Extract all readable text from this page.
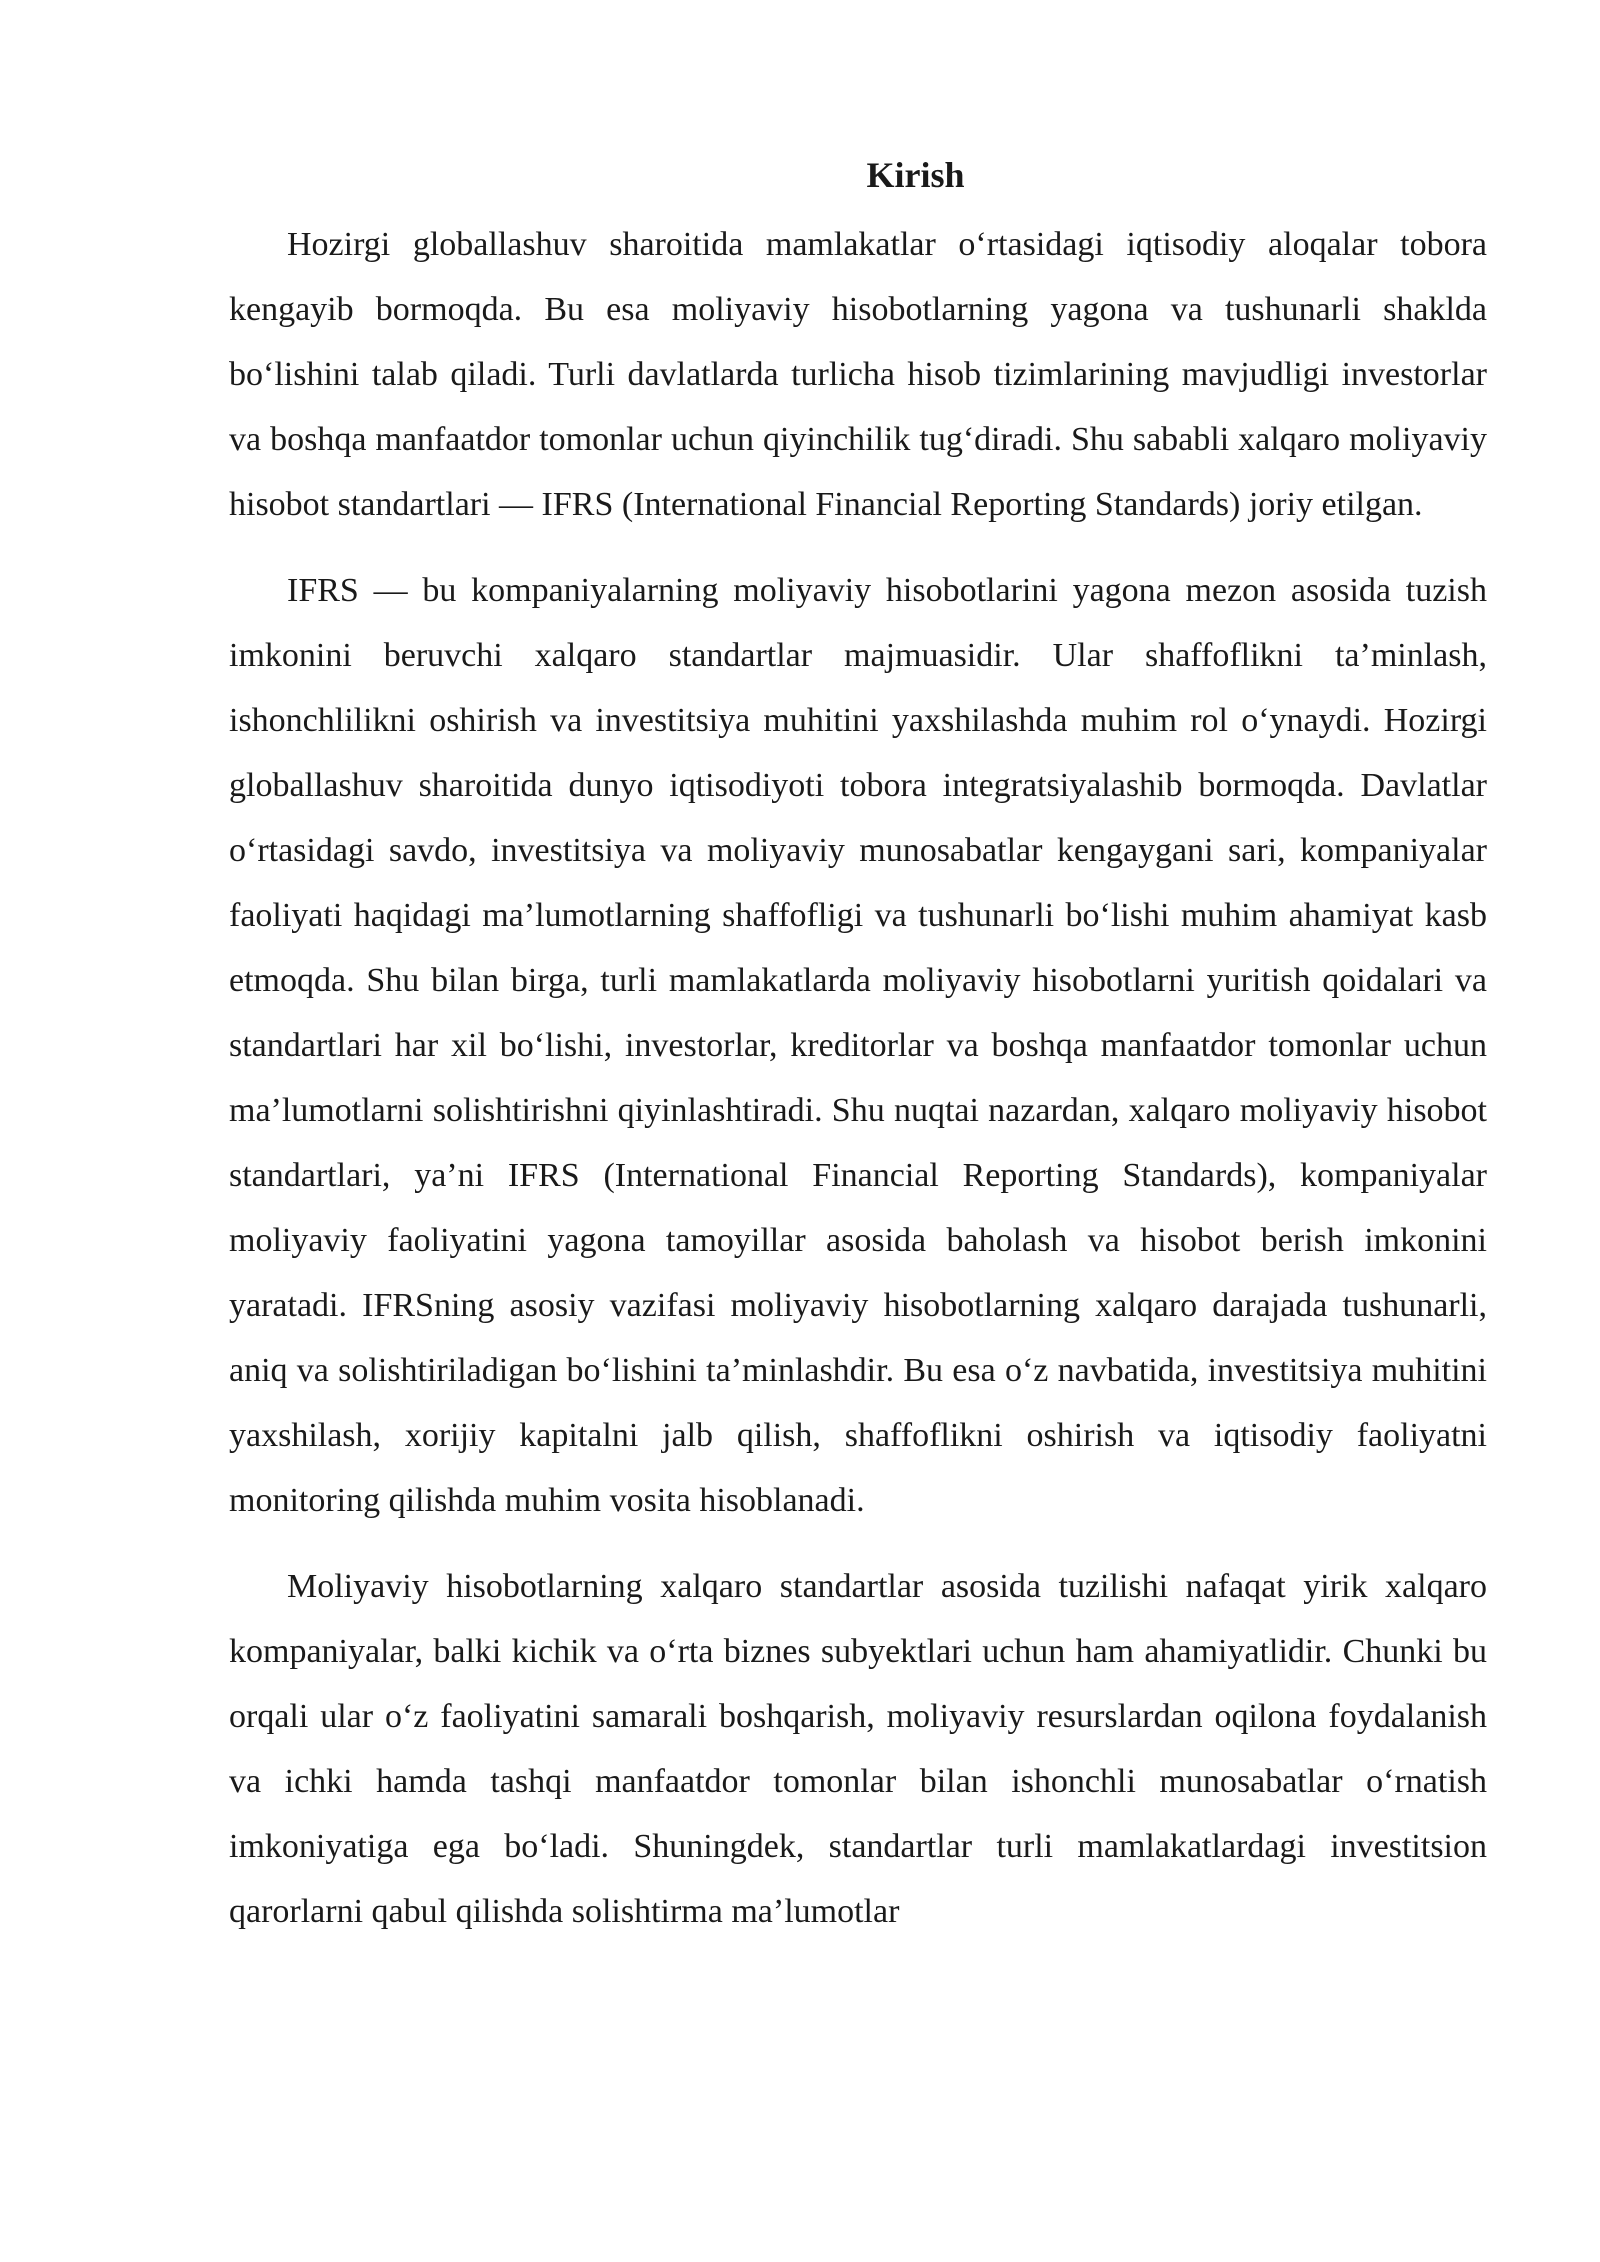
Kirish

Hozirgi globallashuv sharoitida mamlakatlar o‘rtasidagi iqtisodiy aloqalar tobora kengayib bormoqda. Bu esa moliyaviy hisobotlarning yagona va tushunarli shaklda bo‘lishini talab qiladi. Turli davlatlarda turlicha hisob tizimlarining mavjudligi investorlar va boshqa manfaatdor tomonlar uchun qiyinchilik tug‘diradi. Shu sababli xalqaro moliyaviy hisobot standartlari — IFRS (International Financial Reporting Standards) joriy etilgan.

IFRS — bu kompaniyalarning moliyaviy hisobotlarini yagona mezon asosida tuzish imkonini beruvchi xalqaro standartlar majmuasidir. Ular shaffoflikni ta’minlash, ishonchlilikni oshirish va investitsiya muhitini yaxshilashda muhim rol o‘ynaydi. Hozirgi globallashuv sharoitida dunyo iqtisodiyoti tobora integratsiyalashib bormoqda. Davlatlar o‘rtasidagi savdo, investitsiya va moliyaviy munosabatlar kengaygani sari, kompaniyalar faoliyati haqidagi ma’lumotlarning shaffofligi va tushunarli bo‘lishi muhim ahamiyat kasb etmoqda. Shu bilan birga, turli mamlakatlarda moliyaviy hisobotlarni yuritish qoidalari va standartlari har xil bo‘lishi, investorlar, kreditorlar va boshqa manfaatdor tomonlar uchun ma’lumotlarni solishtirishni qiyinlashtiradi. Shu nuqtai nazardan, xalqaro moliyaviy hisobot standartlari, ya’ni IFRS (International Financial Reporting Standards), kompaniyalar moliyaviy faoliyatini yagona tamoyillar asosida baholash va hisobot berish imkonini yaratadi. IFRSning asosiy vazifasi moliyaviy hisobotlarning xalqaro darajada tushunarli, aniq va solishtiriladigan bo‘lishini ta’minlashdir. Bu esa o‘z navbatida, investitsiya muhitini yaxshilash, xorijiy kapitalni jalb qilish, shaffoflikni oshirish va iqtisodiy faoliyatni monitoring qilishda muhim vosita hisoblanadi.

Moliyaviy hisobotlarning xalqaro standartlar asosida tuzilishi nafaqat yirik xalqaro kompaniyalar, balki kichik va o‘rta biznes subyektlari uchun ham ahamiyatlidir. Chunki bu orqali ular o‘z faoliyatini samarali boshqarish, moliyaviy resurslardan oqilona foydalanish va ichki hamda tashqi manfaatdor tomonlar bilan ishonchli munosabatlar o‘rnatish imkoniyatiga ega bo‘ladi. Shuningdek, standartlar turli mamlakatlardagi investitsion qarorlarni qabul qilishda solishtirma ma’lumotlar
